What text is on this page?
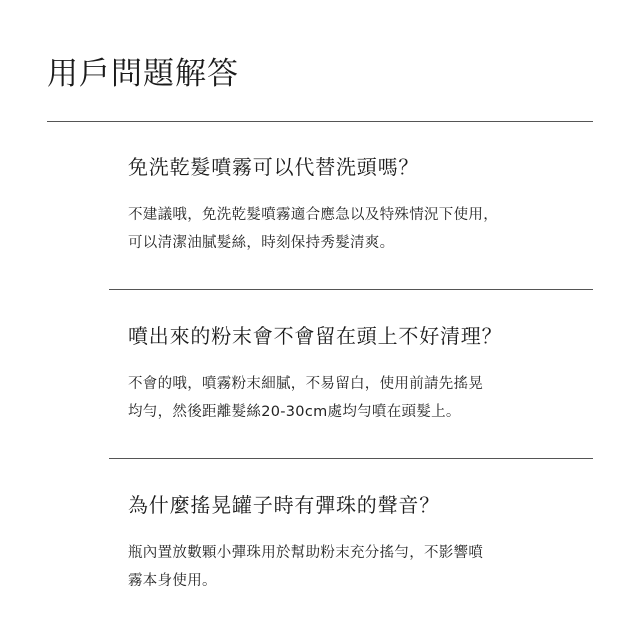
用戶問題解答
免洗乾髮噴霧可以代替洗頭嗎？
不建議哦，免洗乾髮噴霧適合應急以及特殊情況下使用，
可以清潔油膩髮絲，時刻保持秀髮清爽。
噴出來的粉末會不會留在頭上不好清理？
不會的哦，噴霧粉末細膩，不易留白，使用前請先搖晃
均勻，然後距離髮絲20-30cm處均勻噴在頭髮上。
為什麼搖晃罐子時有彈珠的聲音？
瓶內置放數顆小彈珠用於幫助粉末充分搖勻，不影響噴
霧本身使用。
